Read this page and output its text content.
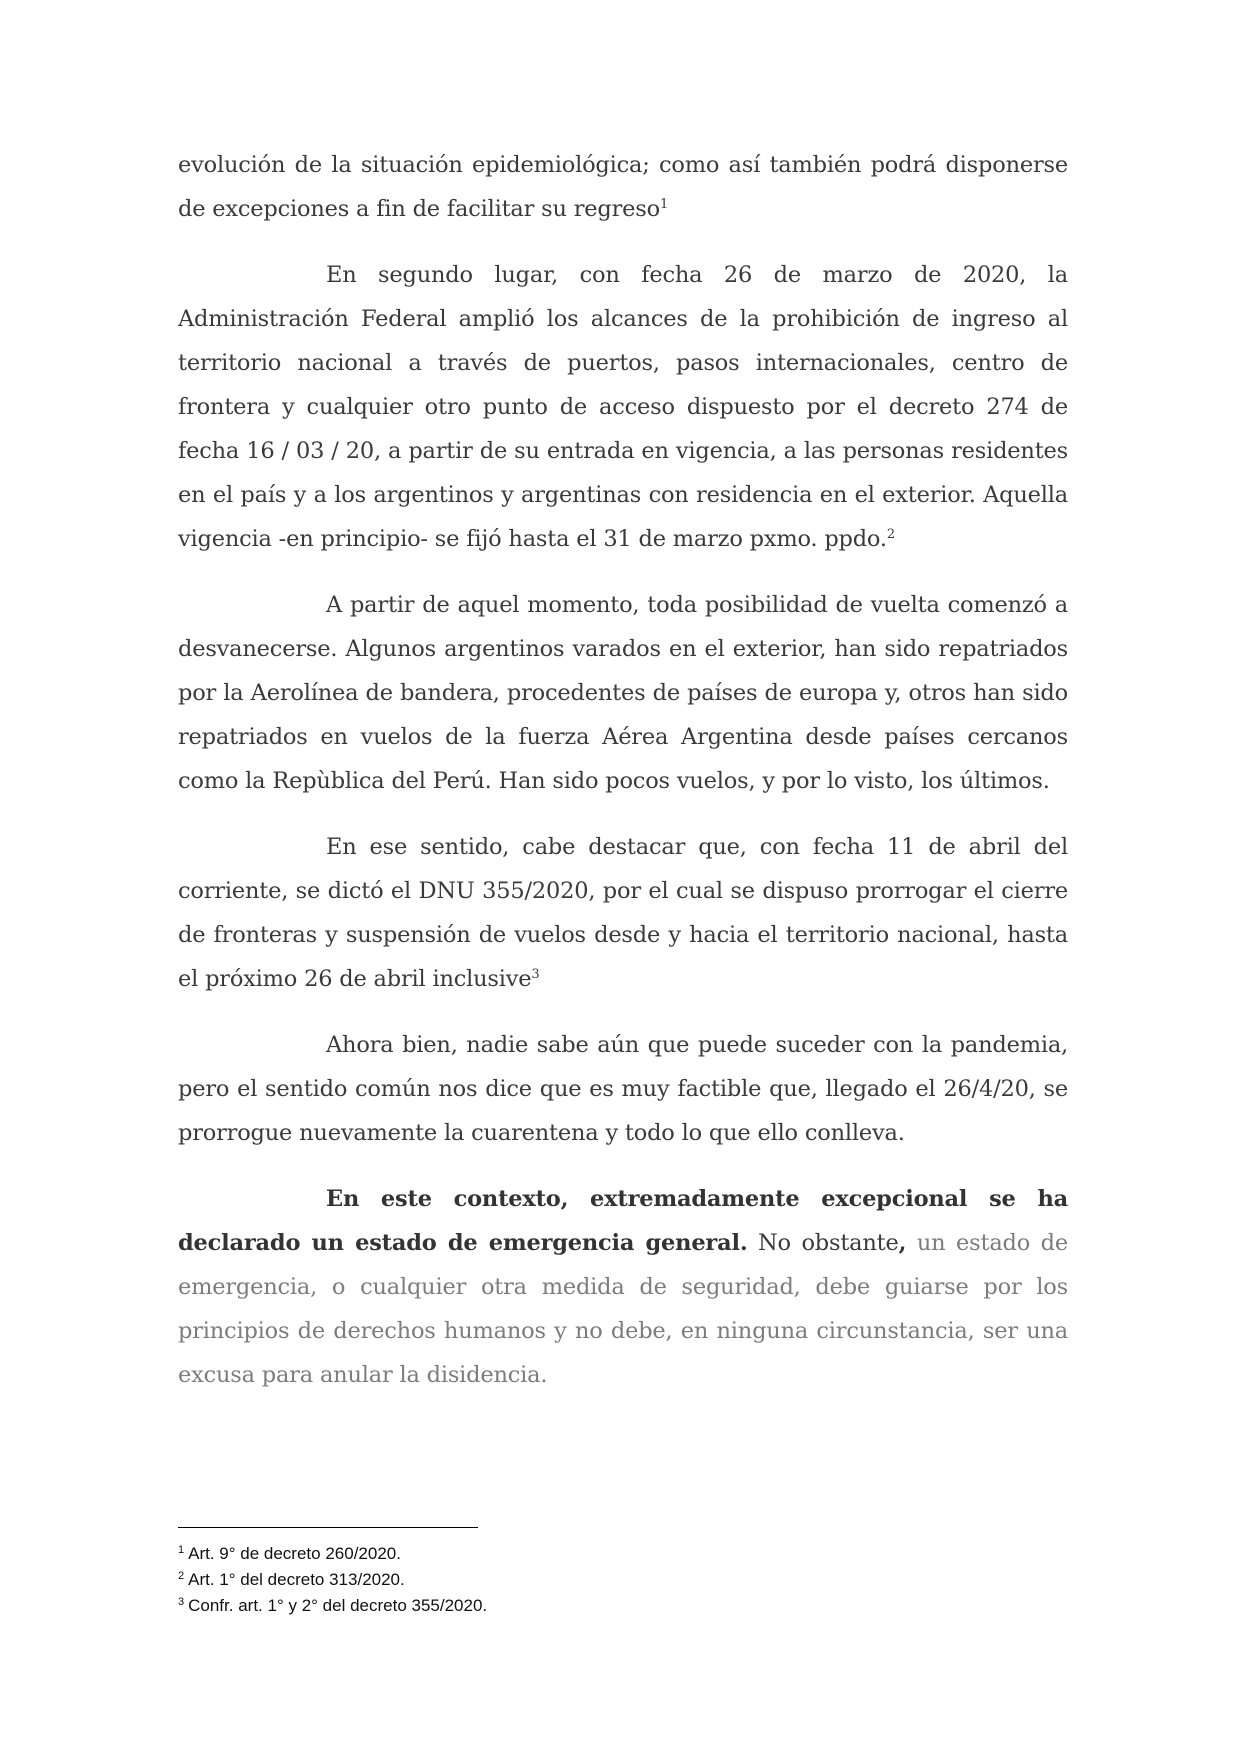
evolución de la situación epidemiológica; como así también podrá disponerse de excepciones a fin de facilitar su regreso$^1$

En segundo lugar, con fecha 26 de marzo de 2020, la Administración Federal amplió los alcances de la prohibición de ingreso al territorio nacional a través de puertos, pasos internacionales, centro de frontera y cualquier otro punto de acceso dispuesto por el decreto 274 de fecha 16 / 03 / 20, a partir de su entrada en vigencia, a las personas residentes en el país y a los argentinos y argentinas con residencia en el exterior. Aquella vigencia -en principio- se fijó hasta el 31 de marzo pxmo. ppdo.$^2$

A partir de aquel momento, toda posibilidad de vuelta comenzó a desvanecerse. Algunos argentinos varados en el exterior, han sido repatriados por la Aerolínea de bandera, procedentes de países de europa y, otros han sido repatriados en vuelos de la fuerza Aérea Argentina desde países cercanos como la Repùblica del Perú. Han sido pocos vuelos, y por lo visto, los últimos.

En ese sentido, cabe destacar que, con fecha 11 de abril del corriente, se dictó el DNU 355/2020, por el cual se dispuso prorrogar el cierre de fronteras y suspensión de vuelos desde y hacia el territorio nacional, hasta el próximo 26 de abril inclusive$^3$

Ahora bien, nadie sabe aún que puede suceder con la pandemia, pero el sentido común nos dice que es muy factible que, llegado el 26/4/20, se prorrogue nuevamente la cuarentena y todo lo que ello conlleva.

En este contexto, extremadamente excepcional se ha declarado un estado de emergencia general. No obstante, un estado de emergencia, o cualquier otra medida de seguridad, debe guiarse por los principios de derechos humanos y no debe, en ninguna circunstancia, ser una excusa para anular la disidencia.

$^1$ Art. 9° de decreto 260/2020.

$^2$ Art. 1° del decreto 313/2020.

$^3$ Confr. art. 1° y 2° del decreto 355/2020.
